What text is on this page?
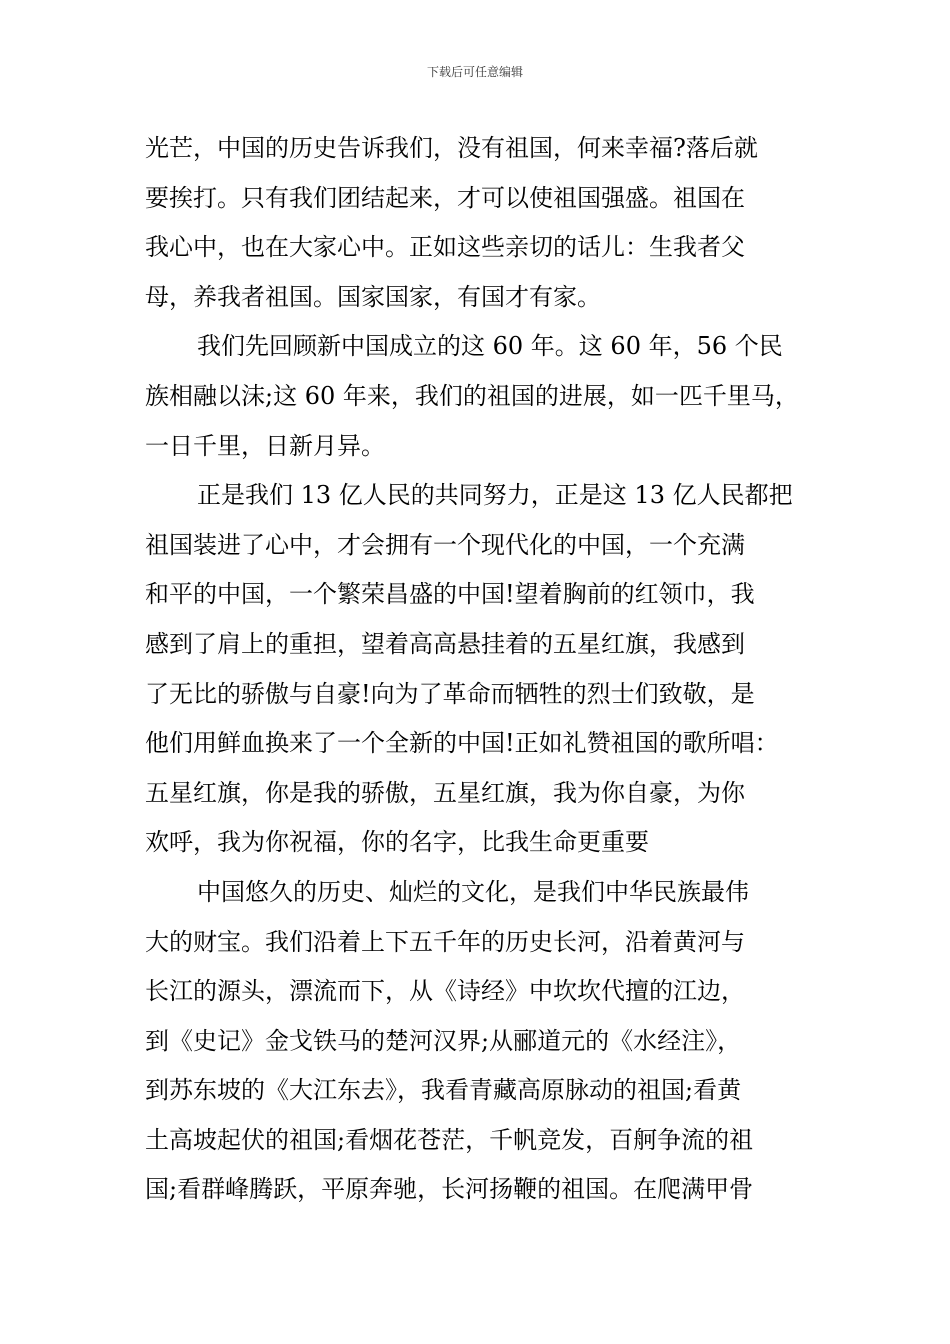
下载后可任意编辑
光芒，中国的历史告诉我们，没有祖国，何来幸福?落后就
要挨打。只有我们团结起来，才可以使祖国强盛。祖国在
我心中，也在大家心中。正如这些亲切的话儿：生我者父
母，养我者祖国。国家国家，有国才有家。
我们先回顾新中国成立的这 60 年。这 60 年，56 个民
族相融以沫;这 60 年来，我们的祖国的进展，如一匹千里马，
一日千里，日新月异。
正是我们 13 亿人民的共同努力，正是这 13 亿人民都把
祖国装进了心中，才会拥有一个现代化的中国，一个充满
和平的中国，一个繁荣昌盛的中国!望着胸前的红领巾，我
感到了肩上的重担，望着高高悬挂着的五星红旗，我感到
了无比的骄傲与自豪!向为了革命而牺牲的烈士们致敬，是
他们用鲜血换来了一个全新的中国!正如礼赞祖国的歌所唱：
五星红旗，你是我的骄傲，五星红旗，我为你自豪，为你
欢呼，我为你祝福，你的名字，比我生命更重要
中国悠久的历史、灿烂的文化，是我们中华民族最伟
大的财宝。我们沿着上下五千年的历史长河，沿着黄河与
长江的源头，漂流而下，从《诗经》中坎坎代擅的江边，
到《史记》金戈铁马的楚河汉界;从郦道元的《水经注》，
到苏东坡的《大江东去》，我看青藏高原脉动的祖国;看黄
土高坡起伏的祖国;看烟花苍茫，千帆竞发，百舸争流的祖
国;看群峰腾跃，平原奔驰，长河扬鞭的祖国。在爬满甲骨
